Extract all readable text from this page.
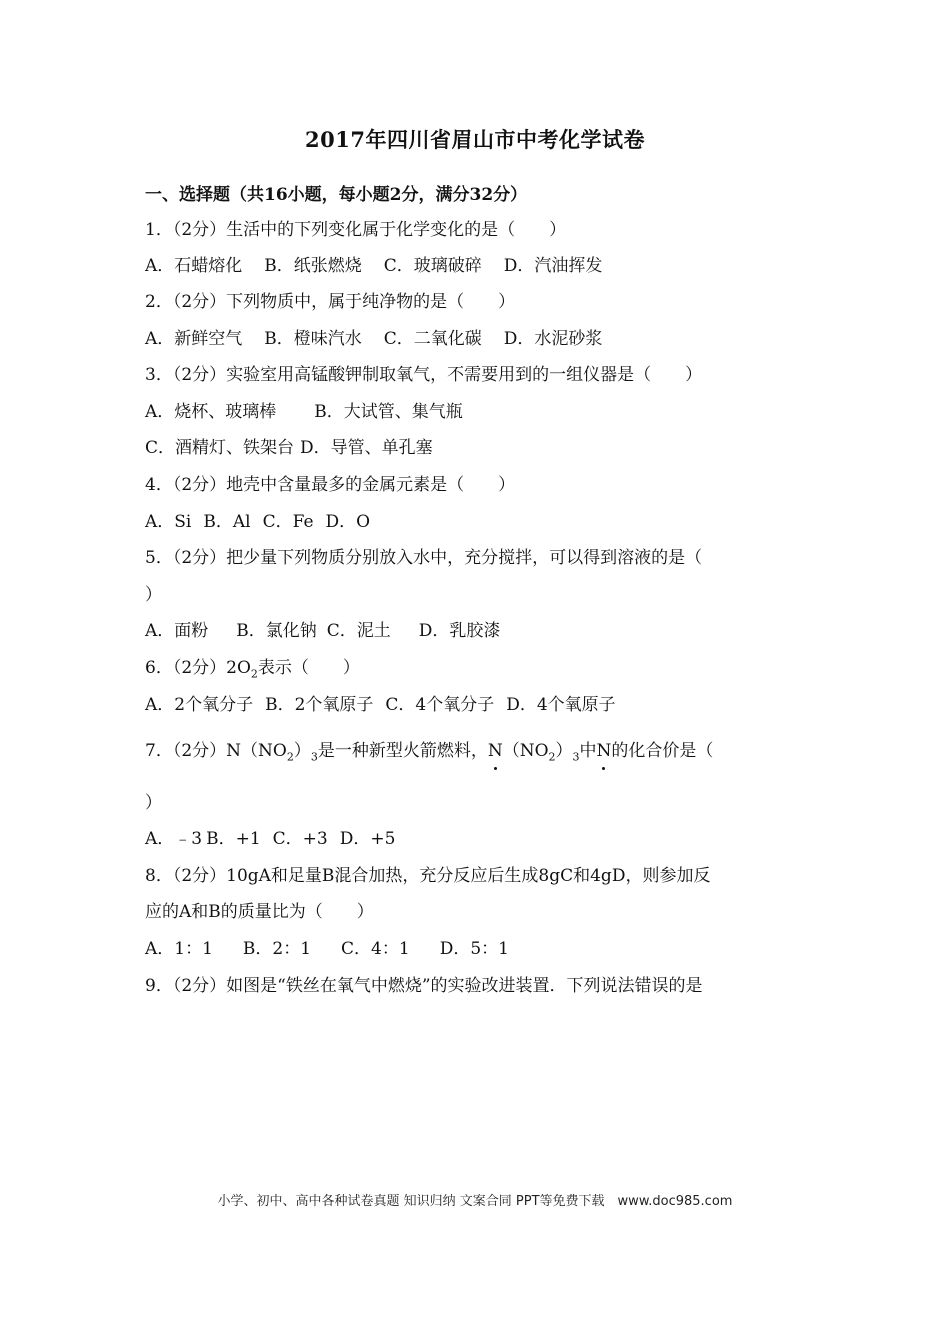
2017年四川省眉山市中考化学试卷
一、选择题（共16小题，每小题2分，满分32分）
1．（2分）生活中的下列变化属于化学变化的是（　　）
A．石蜡熔化 B．纸张燃烧 C．玻璃破碎 D．汽油挥发
2．（2分）下列物质中，属于纯净物的是（　　）
A．新鲜空气 B．橙味汽水 C．二氧化碳 D．水泥砂浆
3．（2分）实验室用高锰酸钾制取氧气，不需要用到的一组仪器是（　　）
A．烧杯、玻璃棒 B．大试管、集气瓶
C．酒精灯、铁架台 D．导管、单孔塞
4．（2分）地壳中含量最多的金属元素是（　　）
A．Si B．Al C．Fe D．O
5．（2分）把少量下列物质分别放入水中，充分搅拌，可以得到溶液的是（
）
A．面粉 B．氯化钠 C．泥土 D．乳胶漆
6．（2分）$2O_2$表示（　　）
A．2个氧分子 B．2个氧原子 C．4个氧分子 D．4个氧原子
7．（2分）$N(NO_2)_3$是一种新型火箭燃料，$N(NO_2)_3$中N的化合价是（
）
A．﹣3 B．+1 C．+3 D．+5
8．（2分）10gA和足量B混合加热，充分反应后生成8gC和4gD，则参加反
应的A和B的质量比为（　　）
A．1：1 B．2：1 C．4：1 D．5：1
9．（2分）如图是“铁丝在氧气中燃烧”的实验改进装置．下列说法错误的是
小学、初中、高中各种试卷真题 知识归纳 文案合同 PPT等免费下载　www.doc985.com
